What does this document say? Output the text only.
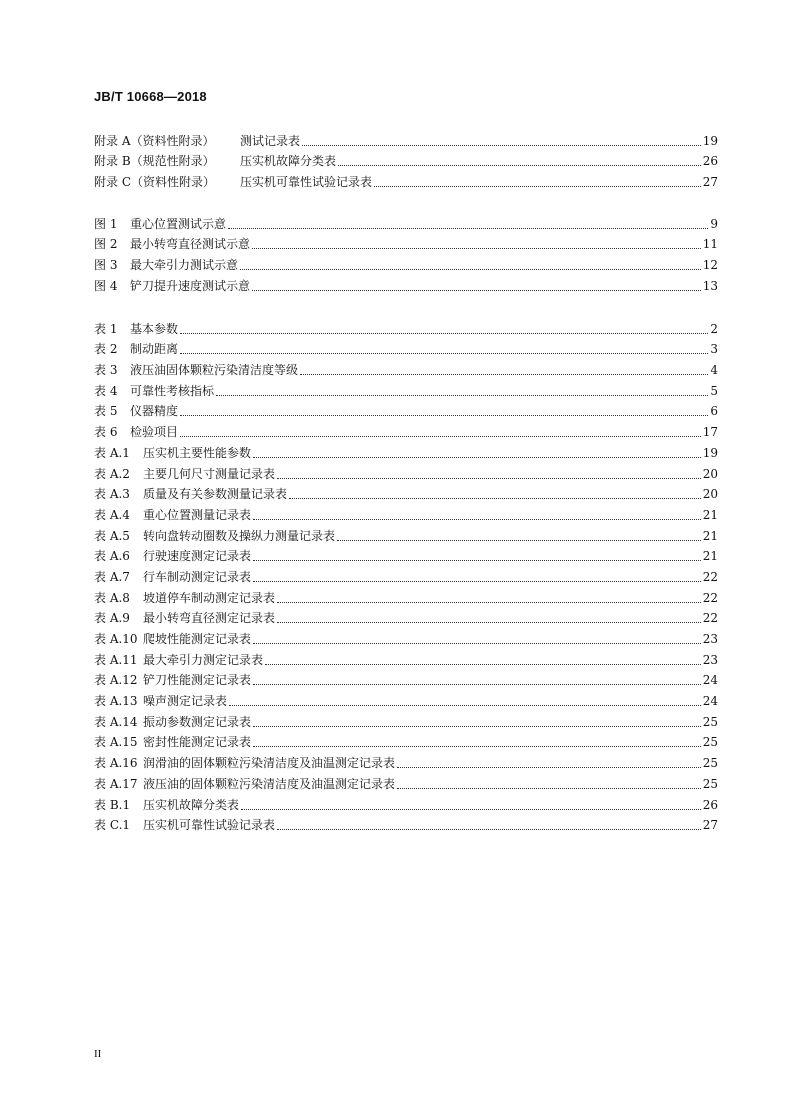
JB/T 10668—2018
附录 A（资料性附录）	测试记录表	19
附录 B（规范性附录）	压实机故障分类表	26
附录 C（资料性附录）	压实机可靠性试验记录表	27
图 1	重心位置测试示意	9
图 2	最小转弯直径测试示意	11
图 3	最大牵引力测试示意	12
图 4	铲刀提升速度测试示意	13
表 1	基本参数	2
表 2	制动距离	3
表 3	液压油固体颗粒污染清洁度等级	4
表 4	可靠性考核指标	5
表 5	仪器精度	6
表 6	检验项目	17
表 A.1	压实机主要性能参数	19
表 A.2	主要几何尺寸测量记录表	20
表 A.3	质量及有关参数测量记录表	20
表 A.4	重心位置测量记录表	21
表 A.5	转向盘转动圈数及操纵力测量记录表	21
表 A.6	行驶速度测定记录表	21
表 A.7	行车制动测定记录表	22
表 A.8	坡道停车制动测定记录表	22
表 A.9	最小转弯直径测定记录表	22
表 A.10 爬坡性能测定记录表	23
表 A.11 最大牵引力测定记录表	23
表 A.12 铲刀性能测定记录表	24
表 A.13 噪声测定记录表	24
表 A.14 振动参数测定记录表	25
表 A.15 密封性能测定记录表	25
表 A.16 润滑油的固体颗粒污染清洁度及油温测定记录表	25
表 A.17 液压油的固体颗粒污染清洁度及油温测定记录表	25
表 B.1	压实机故障分类表	26
表 C.1	压实机可靠性试验记录表	27
II
